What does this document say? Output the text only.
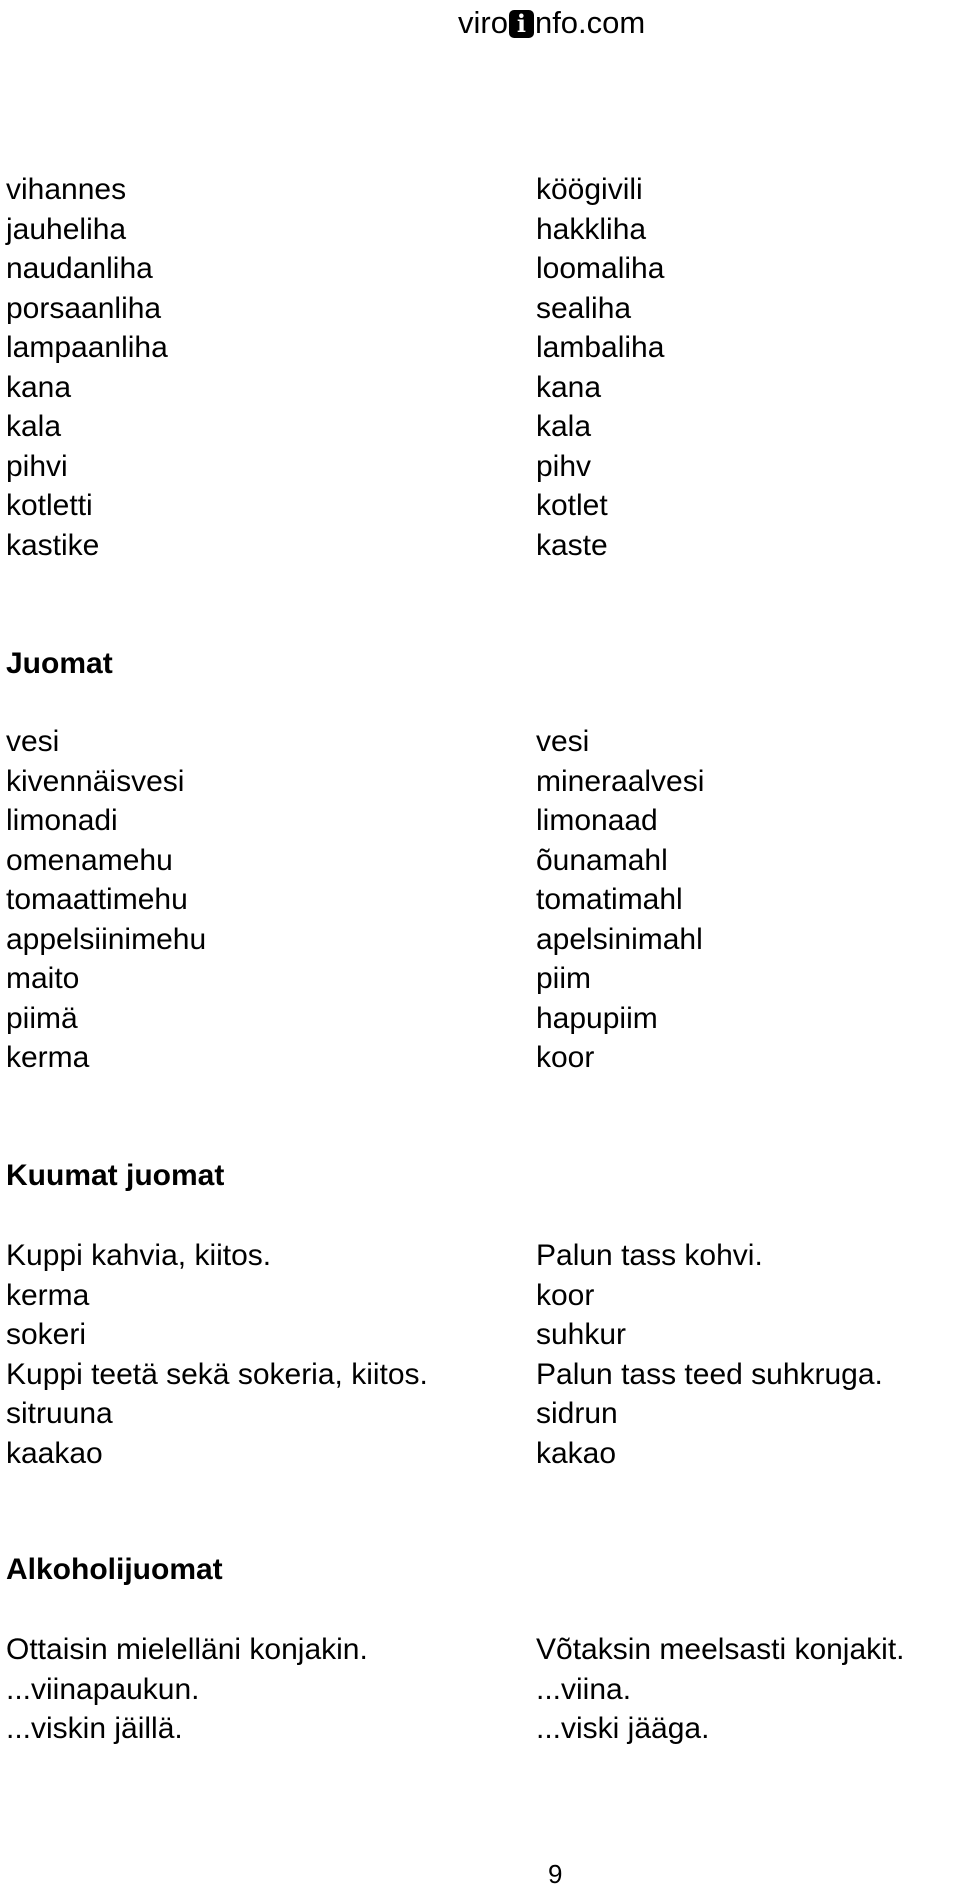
viro i nfo.com
vihannes
jauheliha
naudanliha
porsaanliha
lampaanliha
kana
kala
pihvi
kotletti
kastike
köögivili
hakkliha
loomaliha
sealiha
lambaliha
kana
kala
pihv
kotlet
kaste
Juomat
vesi
kivennäisvesi
limonadi
omenamehu
tomaattimehu
appelsiinimehu
maito
piimä
kerma
vesi
mineraalvesi
limonaad
õunamahl
tomatimahl
apelsinimahl
piim
hapupiim
koor
Kuumat juomat
Kuppi kahvia, kiitos.
kerma
sokeri
Kuppi teetä sekä sokeria, kiitos.
sitruuna
kaakao
Palun tass kohvi.
koor
suhkur
Palun tass teed suhkruga.
sidrun
kakao
Alkoholijuomat
Ottaisin mielelläni konjakin.
...viinapaukun.
...viskin jäillä.
Võtaksin meelsasti konjakit.
...viina.
...viski jääga.
9
